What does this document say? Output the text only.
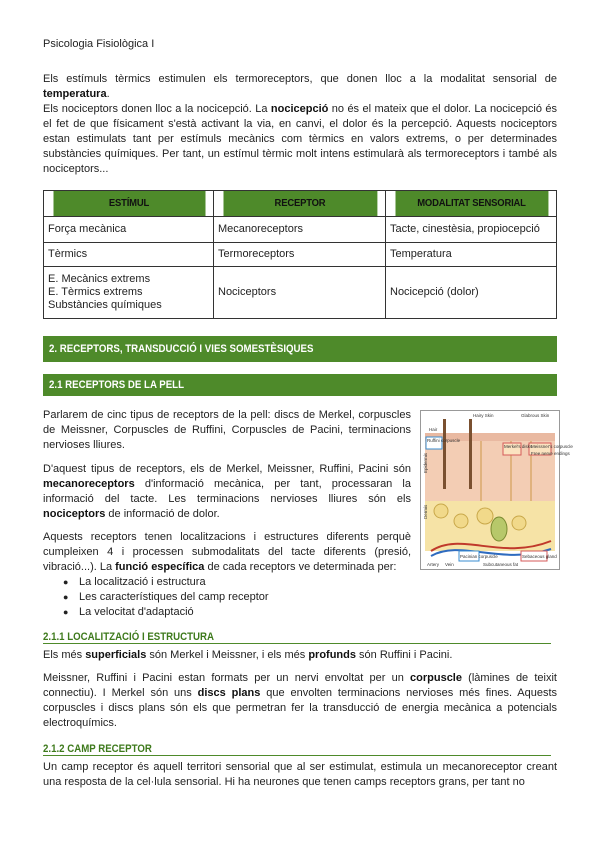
Psicologia Fisiològica I
Els estímuls tèrmics estimulen els termoreceptors, que donen lloc a la modalitat sensorial de temperatura.
Els nociceptors donen lloc a la nocicepció. La nocicepció no és el mateix que el dolor. La nocicepció és el fet de que físicament s'està activant la via, en canvi, el dolor és la percepció. Aquests nociceptors estan estimulats tant per estímuls mecànics com tèrmics en valors extrems, o per determinades substàncies químiques. Per tant, un estímul tèrmic molt intens estimularà als termoreceptors i també als nociceptors...
ESTÍMUL	RECEPTOR	MODALITAT SENSORIAL
Força mecànica	Mecanoreceptors	Tacte, cinestèsia, propiocepció
Tèrmics	Termoreceptors	Temperatura
E. Mecànics extrems
E. Tèrmics extrems
Substàncies químiques	Nociceptors	Nocicepció (dolor)
2. RECEPTORS, TRANSDUCCIÓ I VIES SOMESTÈSIQUES
2.1 RECEPTORS DE LA PELL
Parlarem de cinc tipus de receptors de la pell: discs de Merkel, corpuscles de Meissner, Corpuscles de Ruffini, Corpuscles de Pacini, terminacions nervioses lliures.
D'aquest tipus de receptors, els de Merkel, Meissner, Ruffini, Pacini són mecanoreceptors d'informació mecànica, per tant, processaran la informació del tacte. Les terminacions nervioses lliures són els nociceptors de informació de dolor.
Aquests receptors tenen localitzacions i estructures diferents perquè cumpleixen 4 i processen submodalitats del tacte diferents (presió, vibració...). La funció específica de cada receptors ve determinada per:
● La localització i estructura
● Les característiques del camp receptor
● La velocitat d'adaptació
Hairy Skin	Glabrous Skin
Hair
Ruffini corpuscle
Merkel's disks
Meissner's corpuscle
Free nerve endings
Epidermis
Dermis
Artery Vein
Pacinian corpuscle
Subcutaneous fat
Sebaceous gland
2.1.1 LOCALITZACIÓ I ESTRUCTURA
Els més superficials són Merkel i Meissner, i els més profunds són Ruffini i Pacini.
Meissner, Ruffini i Pacini estan formats per un nervi envoltat per un corpuscle (làmines de teixit connectiu). I Merkel són uns discs plans que envolten terminacions nervioses més fines. Aquests corpuscles i discs plans són els que permetran fer la transducció de energia mecànica a potencials electroquímics.
2.1.2 CAMP RECEPTOR
Un camp receptor és aquell territori sensorial que al ser estimulat, estimula un mecanoreceptor creant una resposta de la cel·lula sensorial. Hi ha neurones que tenen camps receptors grans, per tant no
